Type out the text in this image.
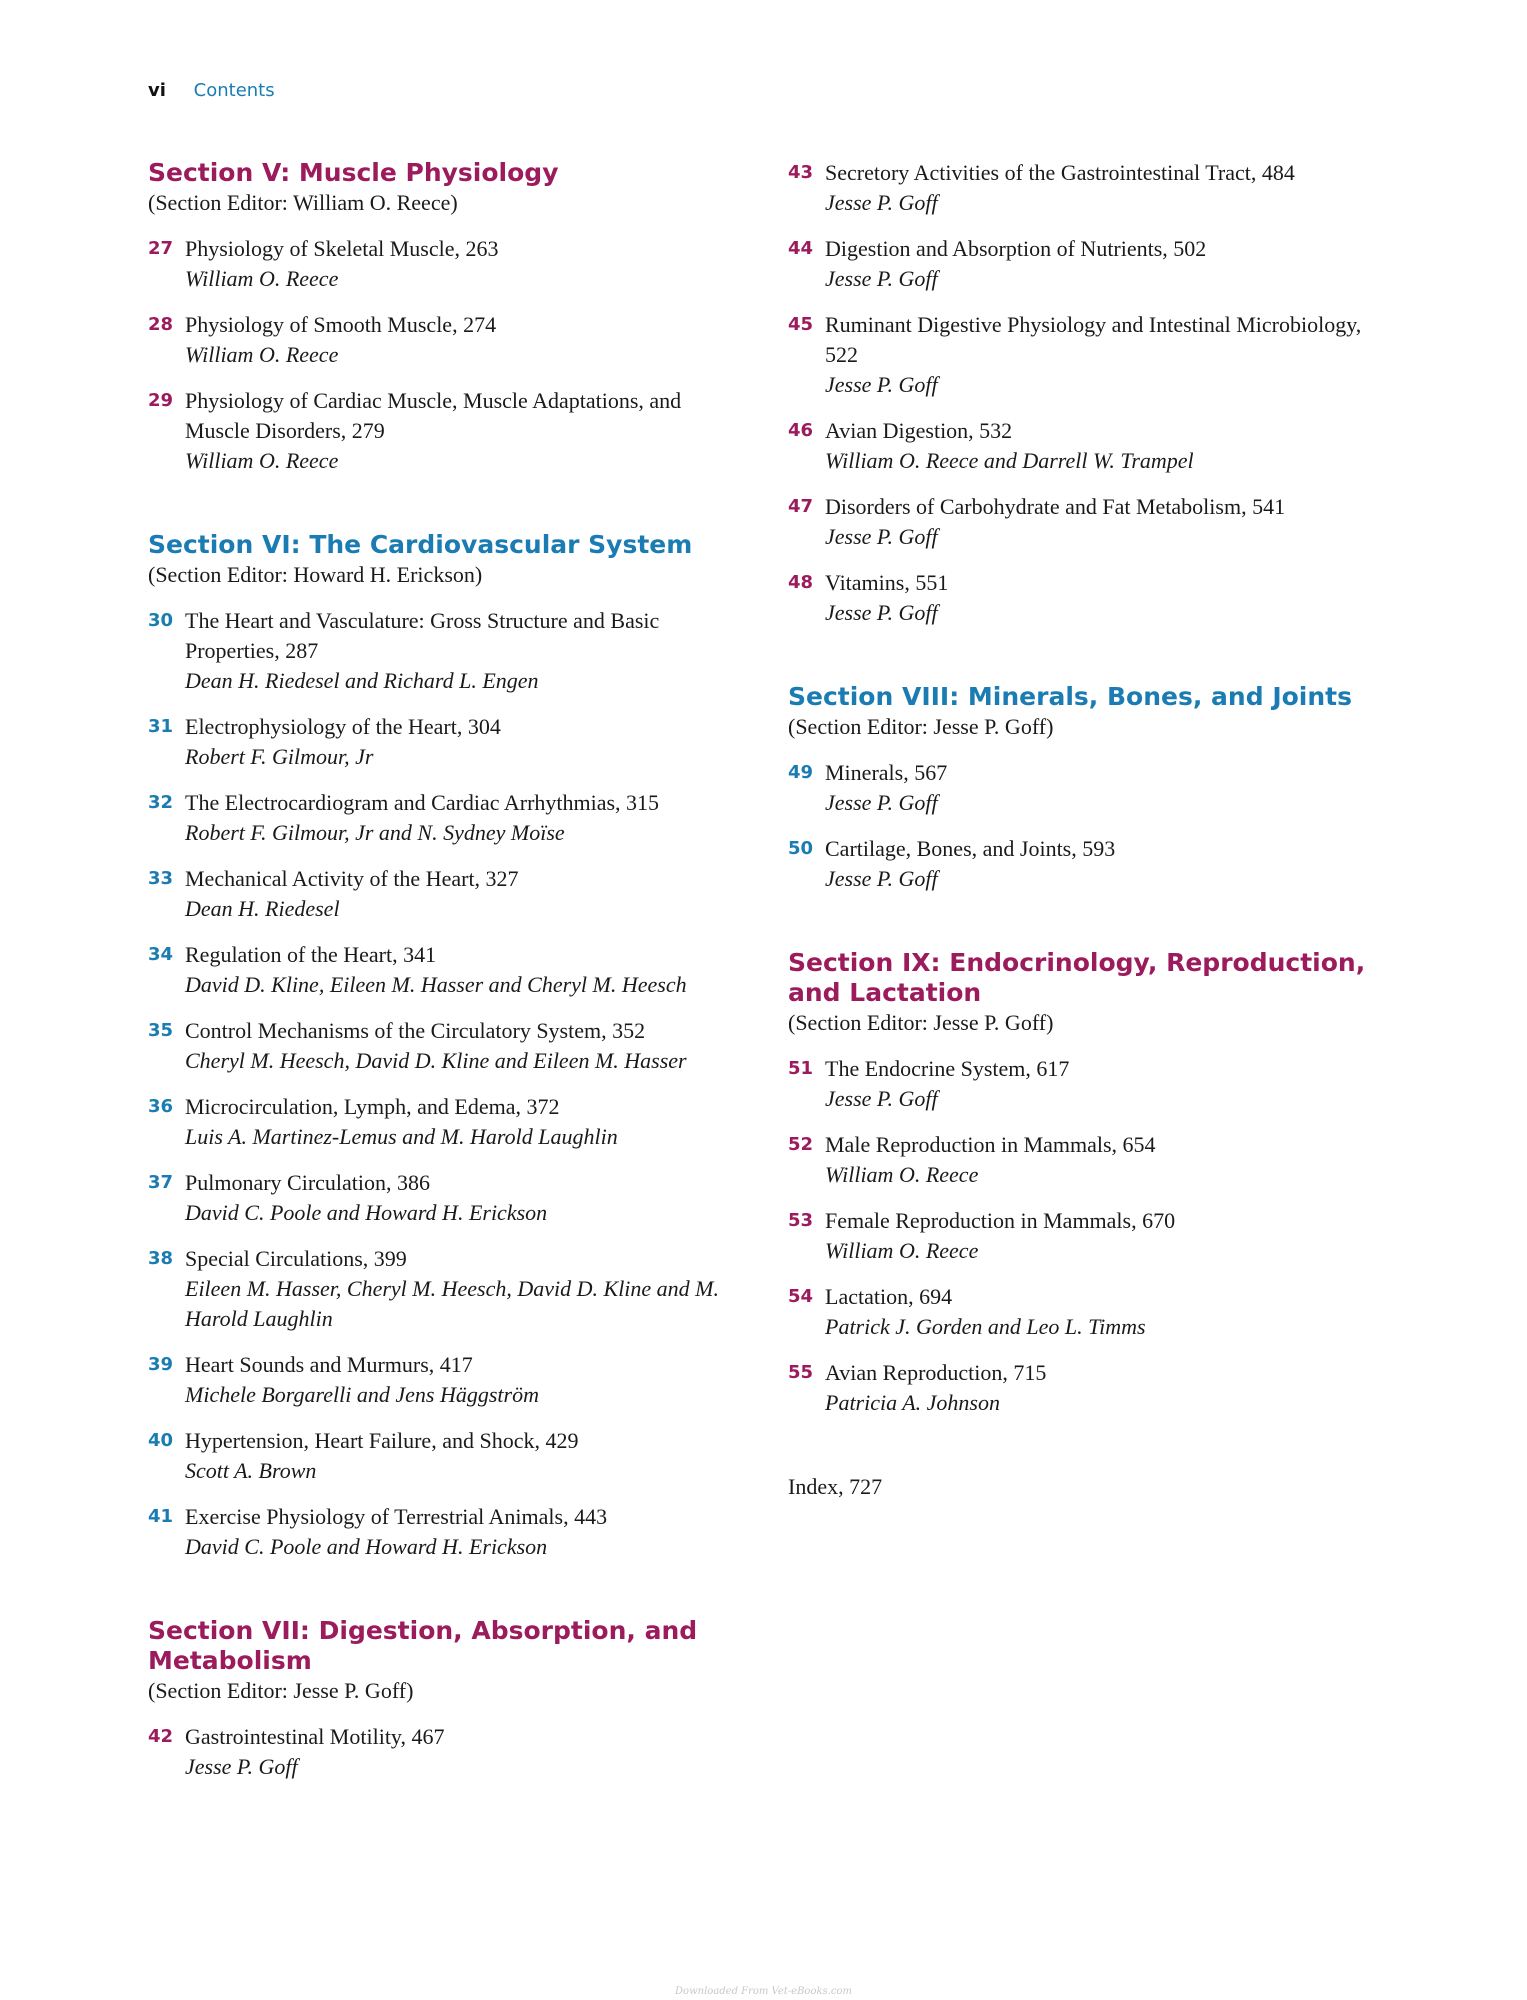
vi Contents
Section V: Muscle Physiology
(Section Editor: William O. Reece)
27 Physiology of Skeletal Muscle, 263
William O. Reece
28 Physiology of Smooth Muscle, 274
William O. Reece
29 Physiology of Cardiac Muscle, Muscle Adaptations, and Muscle Disorders, 279
William O. Reece
Section VI: The Cardiovascular System
(Section Editor: Howard H. Erickson)
30 The Heart and Vasculature: Gross Structure and Basic Properties, 287
Dean H. Riedesel and Richard L. Engen
31 Electrophysiology of the Heart, 304
Robert F. Gilmour, Jr
32 The Electrocardiogram and Cardiac Arrhythmias, 315
Robert F. Gilmour, Jr and N. Sydney Moïse
33 Mechanical Activity of the Heart, 327
Dean H. Riedesel
34 Regulation of the Heart, 341
David D. Kline, Eileen M. Hasser and Cheryl M. Heesch
35 Control Mechanisms of the Circulatory System, 352
Cheryl M. Heesch, David D. Kline and Eileen M. Hasser
36 Microcirculation, Lymph, and Edema, 372
Luis A. Martinez-Lemus and M. Harold Laughlin
37 Pulmonary Circulation, 386
David C. Poole and Howard H. Erickson
38 Special Circulations, 399
Eileen M. Hasser, Cheryl M. Heesch, David D. Kline and M. Harold Laughlin
39 Heart Sounds and Murmurs, 417
Michele Borgarelli and Jens Häggström
40 Hypertension, Heart Failure, and Shock, 429
Scott A. Brown
41 Exercise Physiology of Terrestrial Animals, 443
David C. Poole and Howard H. Erickson
Section VII: Digestion, Absorption, and Metabolism
(Section Editor: Jesse P. Goff)
42 Gastrointestinal Motility, 467
Jesse P. Goff
43 Secretory Activities of the Gastrointestinal Tract, 484
Jesse P. Goff
44 Digestion and Absorption of Nutrients, 502
Jesse P. Goff
45 Ruminant Digestive Physiology and Intestinal Microbiology, 522
Jesse P. Goff
46 Avian Digestion, 532
William O. Reece and Darrell W. Trampel
47 Disorders of Carbohydrate and Fat Metabolism, 541
Jesse P. Goff
48 Vitamins, 551
Jesse P. Goff
Section VIII: Minerals, Bones, and Joints
(Section Editor: Jesse P. Goff)
49 Minerals, 567
Jesse P. Goff
50 Cartilage, Bones, and Joints, 593
Jesse P. Goff
Section IX: Endocrinology, Reproduction, and Lactation
(Section Editor: Jesse P. Goff)
51 The Endocrine System, 617
Jesse P. Goff
52 Male Reproduction in Mammals, 654
William O. Reece
53 Female Reproduction in Mammals, 670
William O. Reece
54 Lactation, 694
Patrick J. Gorden and Leo L. Timms
55 Avian Reproduction, 715
Patricia A. Johnson
Index, 727
Downloaded From Vet-eBooks.com
